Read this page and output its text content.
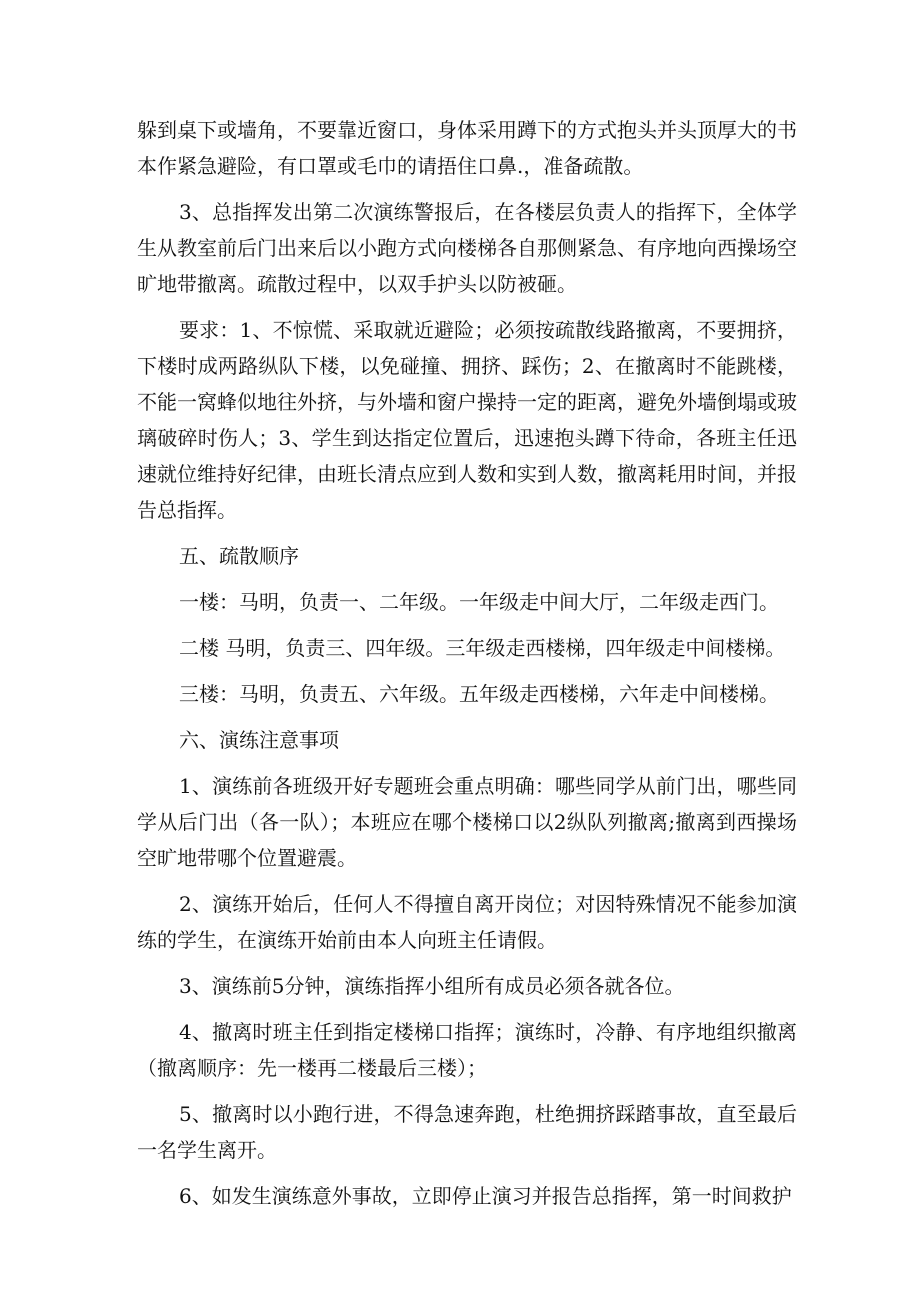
躲到桌下或墙角，不要靠近窗口，身体采用蹲下的方式抱头并头顶厚大的书本作紧急避险，有口罩或毛巾的请捂住口鼻.，准备疏散。

3、总指挥发出第二次演练警报后，在各楼层负责人的指挥下，全体学生从教室前后门出来后以小跑方式向楼梯各自那侧紧急、有序地向西操场空旷地带撤离。疏散过程中，以双手护头以防被砸。

要求：1、不惊慌、采取就近避险；必须按疏散线路撤离，不要拥挤，下楼时成两路纵队下楼，以免碰撞、拥挤、踩伤；2、在撤离时不能跳楼，不能一窝蜂似地往外挤，与外墙和窗户操持一定的距离，避免外墙倒塌或玻璃破碎时伤人；3、学生到达指定位置后，迅速抱头蹲下待命，各班主任迅速就位维持好纪律，由班长清点应到人数和实到人数，撤离耗用时间，并报告总指挥。

五、疏散顺序

一楼：马明，负责一、二年级。一年级走中间大厅，二年级走西门。

二楼 马明，负责三、四年级。三年级走西楼梯，四年级走中间楼梯。

三楼：马明，负责五、六年级。五年级走西楼梯，六年走中间楼梯。

六、演练注意事项

1、演练前各班级开好专题班会重点明确：哪些同学从前门出，哪些同学从后门出（各一队）；本班应在哪个楼梯口以2纵队列撤离;撤离到西操场空旷地带哪个位置避震。

2、演练开始后，任何人不得擅自离开岗位；对因特殊情况不能参加演练的学生，在演练开始前由本人向班主任请假。

3、演练前5分钟，演练指挥小组所有成员必须各就各位。

4、撤离时班主任到指定楼梯口指挥；演练时，冷静、有序地组织撤离（撤离顺序：先一楼再二楼最后三楼）；

5、撤离时以小跑行进，不得急速奔跑，杜绝拥挤踩踏事故，直至最后一名学生离开。

6、如发生演练意外事故，立即停止演习并报告总指挥，第一时间救护
